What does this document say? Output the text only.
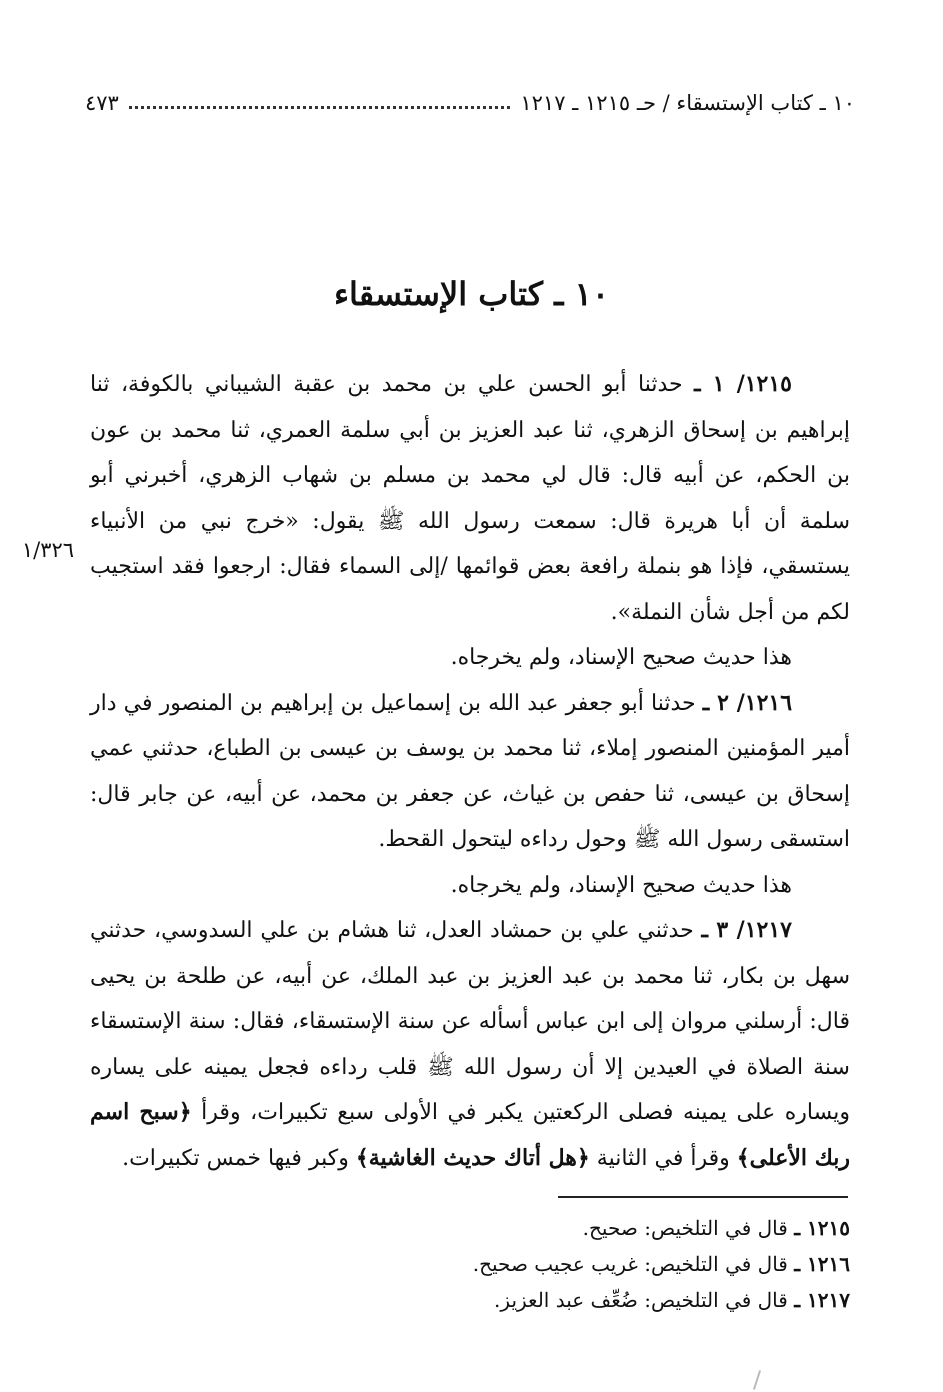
١٠ ـ كتاب الإستسقاء / حـ ١٢١٥ ـ ١٢١٧
٤٧٣
١٠ ـ كتاب الإستسقاء

١٢١٥/ ١ ـ حدثنا أبو الحسن علي بن محمد بن عقبة الشيباني بالكوفة، ثنا إبراهيم بن إسحاق الزهري، ثنا عبد العزيز بن أبي سلمة العمري، ثنا محمد بن عون بن الحكم، عن أبيه قال: قال لي محمد بن مسلم بن شهاب الزهري، أخبرني أبو سلمة أن أبا هريرة قال: سمعت رسول الله ﷺ يقول: «خرج نبي من الأنبياء يستسقي، فإذا هو بنملة رافعة بعض قوائمها /إلى السماء فقال: ارجعوا فقد استجيب لكم من أجل شأن النملة».

هذا حديث صحيح الإسناد، ولم يخرجاه.

١٢١٦/ ٢ ـ حدثنا أبو جعفر عبد الله بن إسماعيل بن إبراهيم بن المنصور في دار أمير المؤمنين المنصور إملاء، ثنا محمد بن يوسف بن عيسى بن الطباع، حدثني عمي إسحاق بن عيسى، ثنا حفص بن غياث، عن جعفر بن محمد، عن أبيه، عن جابر قال: استسقى رسول الله ﷺ وحول رداءه ليتحول القحط.

هذا حديث صحيح الإسناد، ولم يخرجاه.

١٢١٧/ ٣ ـ حدثني علي بن حمشاد العدل، ثنا هشام بن علي السدوسي، حدثني سهل بن بكار، ثنا محمد بن عبد العزيز بن عبد الملك، عن أبيه، عن طلحة بن يحيى قال: أرسلني مروان إلى ابن عباس أسأله عن سنة الإستسقاء، فقال: سنة الإستسقاء سنة الصلاة في العيدين إلا أن رسول الله ﷺ قلب رداءه فجعل يمينه على يساره ويساره على يمينه فصلى الركعتين يكبر في الأولى سبع تكبيرات، وقرأ ﴿سبح اسم ربك الأعلى﴾ وقرأ في الثانية ﴿هل أتاك حديث الغاشية﴾ وكبر فيها خمس تكبيرات.

١/٣٢٦
١٢١٥ ـ قال في التلخيص: صحيح.
١٢١٦ ـ قال في التلخيص: غريب عجيب صحيح.
١٢١٧ ـ قال في التلخيص: ضُعِّف عبد العزيز.
